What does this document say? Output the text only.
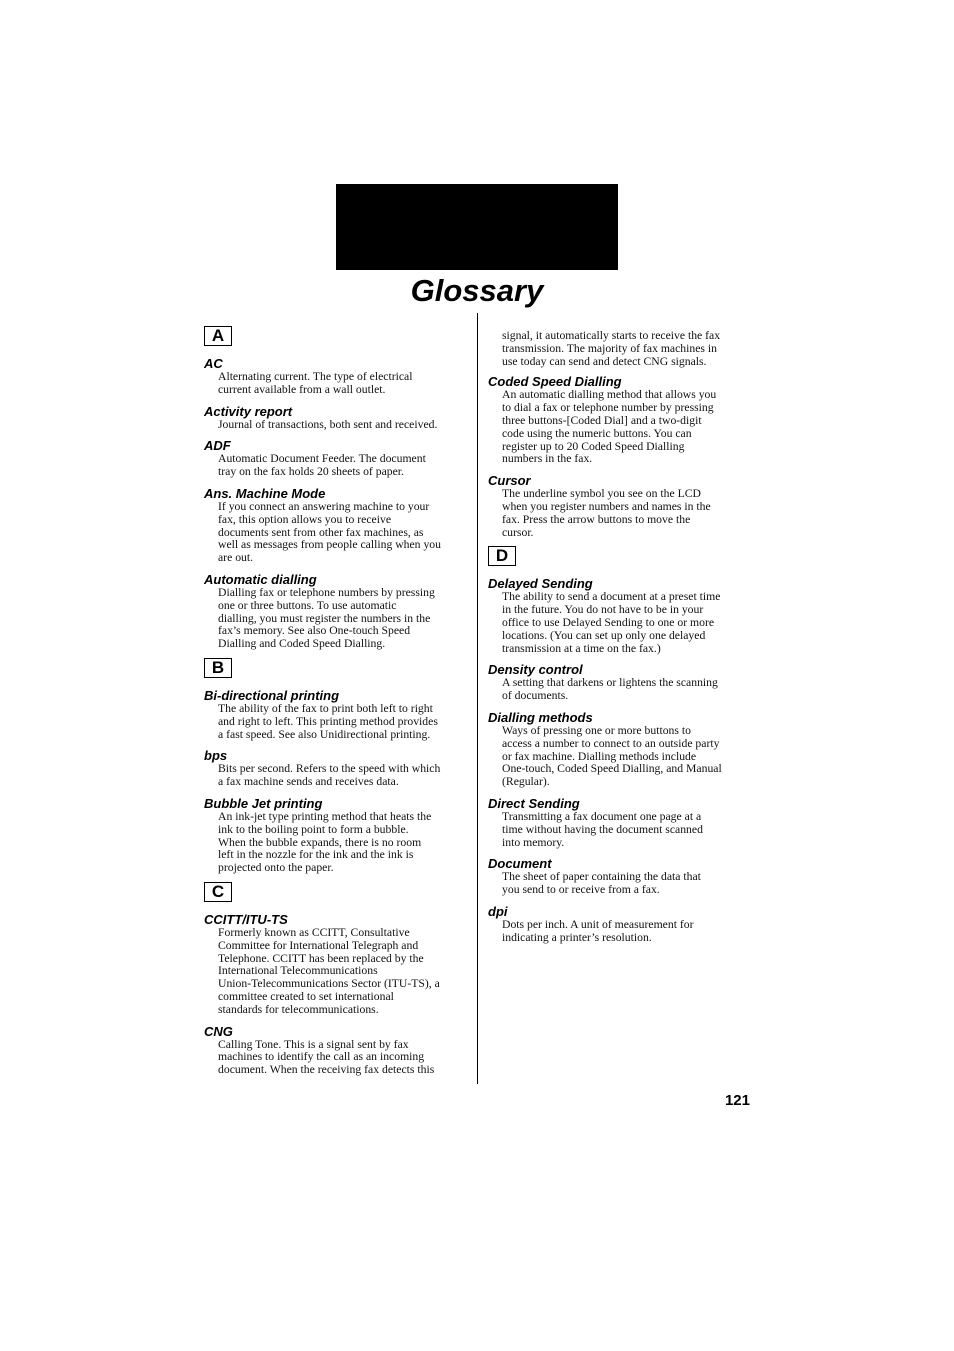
Glossary
A
AC
Alternating current. The type of electrical
current available from a wall outlet.
Activity report
Journal of transactions, both sent and received.
ADF
Automatic Document Feeder. The document
tray on the fax holds 20 sheets of paper.
Ans. Machine Mode
If you connect an answering machine to your
fax, this option allows you to receive
documents sent from other fax machines, as
well as messages from people calling when you
are out.
Automatic dialling
Dialling fax or telephone numbers by pressing
one or three buttons. To use automatic
dialling, you must register the numbers in the
fax’s memory. See also One-touch Speed
Dialling and Coded Speed Dialling.
B
Bi-directional printing
The ability of the fax to print both left to right
and right to left. This printing method provides
a fast speed. See also Unidirectional printing.
bps
Bits per second. Refers to the speed with which
a fax machine sends and receives data.
Bubble Jet printing
An ink-jet type printing method that heats the
ink to the boiling point to form a bubble.
When the bubble expands, there is no room
left in the nozzle for the ink and the ink is
projected onto the paper.
C
CCITT/ITU-TS
Formerly known as CCITT, Consultative
Committee for International Telegraph and
Telephone. CCITT has been replaced by the
International Telecommunications
Union-Telecommunications Sector (ITU-TS), a
committee created to set international
standards for telecommunications.
CNG
Calling Tone. This is a signal sent by fax
machines to identify the call as an incoming
document. When the receiving fax detects this
signal, it automatically starts to receive the fax
transmission. The majority of fax machines in
use today can send and detect CNG signals.
Coded Speed Dialling
An automatic dialling method that allows you
to dial a fax or telephone number by pressing
three buttons-[Coded Dial] and a two-digit
code using the numeric buttons. You can
register up to 20 Coded Speed Dialling
numbers in the fax.
Cursor
The underline symbol you see on the LCD
when you register numbers and names in the
fax. Press the arrow buttons to move the
cursor.
D
Delayed Sending
The ability to send a document at a preset time
in the future. You do not have to be in your
office to use Delayed Sending to one or more
locations. (You can set up only one delayed
transmission at a time on the fax.)
Density control
A setting that darkens or lightens the scanning
of documents.
Dialling methods
Ways of pressing one or more buttons to
access a number to connect to an outside party
or fax machine. Dialling methods include
One-touch, Coded Speed Dialling, and Manual
(Regular).
Direct Sending
Transmitting a fax document one page at a
time without having the document scanned
into memory.
Document
The sheet of paper containing the data that
you send to or receive from a fax.
dpi
Dots per inch. A unit of measurement for
indicating a printer’s resolution.
121
